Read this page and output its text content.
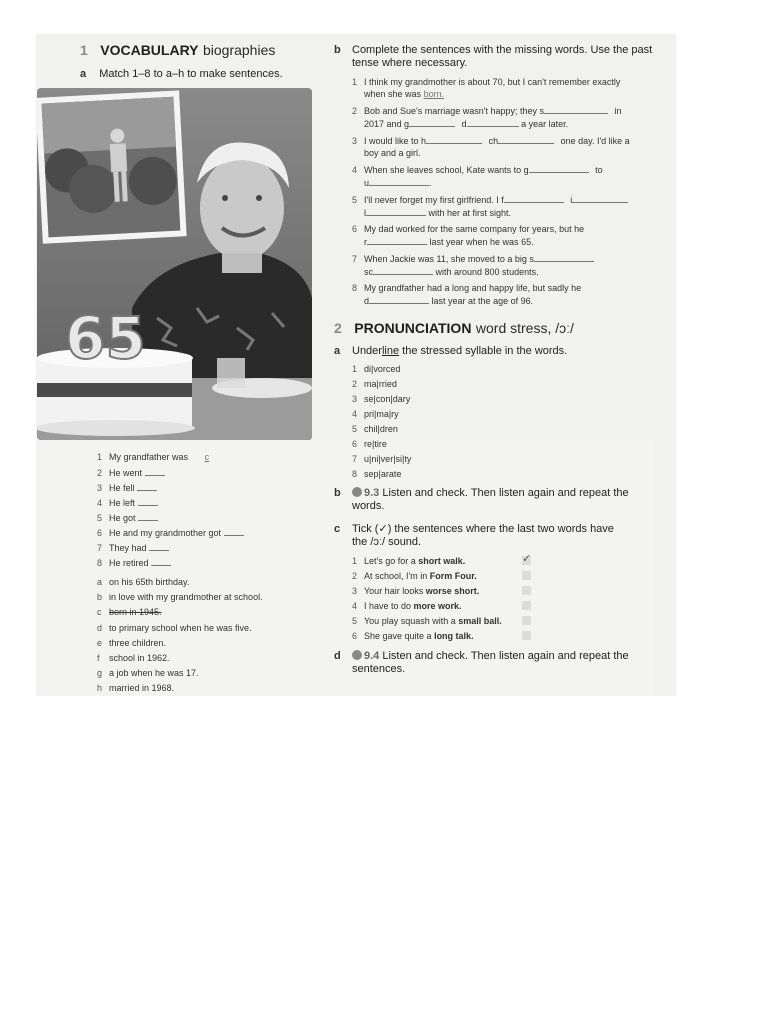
1 VOCABULARY biographies
a Match 1–8 to a–h to make sentences.
65
1 My grandfather was c
2 He went
3 He fell
4 He left
5 He got
6 He and my grandmother got
7 They had
8 He retired
a on his 65th birthday.
b in love with my grandmother at school.
c born in 1945.
d to primary school when he was five.
e three children.
f school in 1962.
g a job when he was 17.
h married in 1968.
b Complete the sentences with the missing words. Use the past tense where necessary.
1 I think my grandmother is about 70, but I can't remember exactly
when she was born.
2 Bob and Sue's marriage wasn't happy; they s	in
2017 and g	d	a year later.
3 I would like to h	ch	one day. I'd like a
boy and a girl.
4 When she leaves school, Kate wants to g	to
u	.
5 I'll never forget my first girlfriend. I f	i
l	with her at first sight.
6 My dad worked for the same company for years, but he
r	last year when he was 65.
7 When Jackie was 11, she moved to a big s
sc	with around 800 students.
8 My grandfather had a long and happy life, but sadly he
d	last year at the age of 96.
2 PRONUNCIATION word stress, /ɔː/
a Underline the stressed syllable in the words.
1 di|vorced
2 ma|rried
3 se|con|dary
4 pri|ma|ry
5 chil|dren
6 re|tire
7 u|ni|ver|si|ty
8 sep|arate
b	9.3 Listen and check. Then listen again and repeat the words.
c Tick (✓) the sentences where the last two words have
the /ɔː/ sound.
1 Let's go for a short walk.	✓
2 At school, I'm in Form Four.
3 Your hair looks worse short.
4 I have to do more work.
5 You play squash with a small ball.
6 She gave quite a long talk.
d	9.4 Listen and check. Then listen again and repeat the sentences.
